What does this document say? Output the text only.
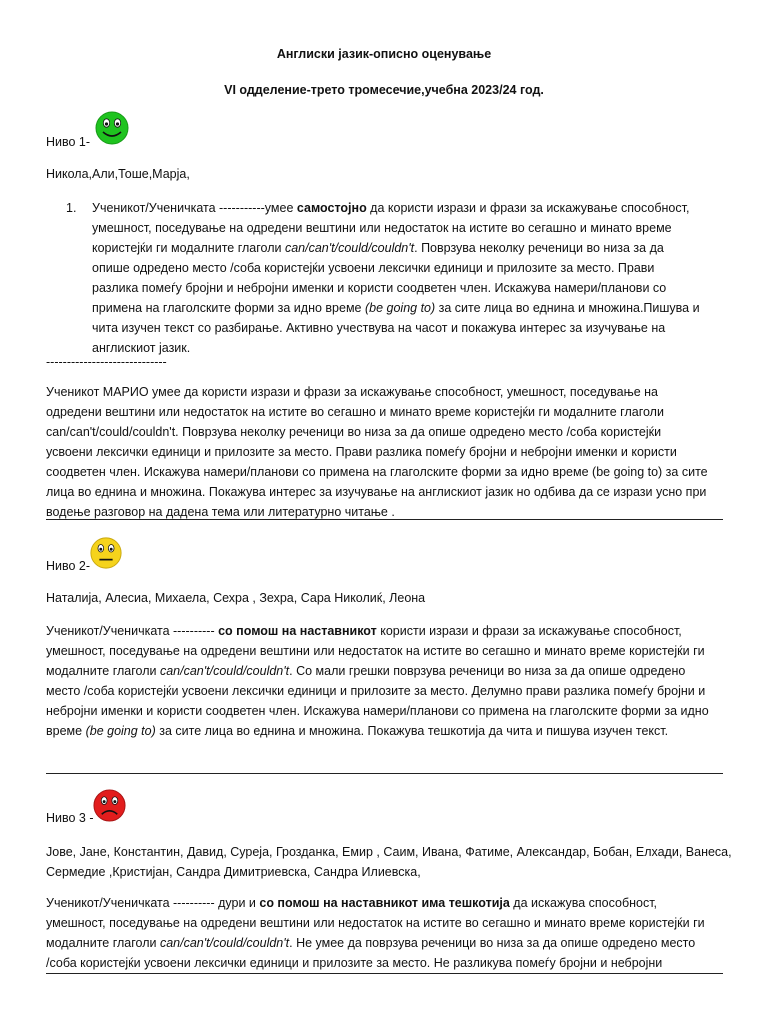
Англиски јазик-описно оценување
VI одделение-трето тромесечие,учебна 2023/24 год.
Ниво 1-
Никола,Али,Тоше,Марја,
1. Ученикот/Ученичката -----------умее самостојно да користи изрази и фрази за искажување способност,
умешност, поседување на одредени вештини или недостаток на истите во сегашно и минато време
користејќи ги модалните глаголи can/can't/could/couldn't. Поврзува неколку реченици во низа за да
опише одредено место /соба користејќи усвоени лексички единици и прилозите за место. Прави
разлика помеѓу бројни и небројни именки и користи соодветен член. Искажува намери/планови со
примена на глаголските форми за идно време (be going to) за сите лица во еднина и множина.Пишува и
чита изучен текст со разбирање. Активно учествува на часот и покажува интерес за изучување на
англискиот јазик.
-----------------------------
Ученикот МАРИО умее да користи изрази и фрази за искажување способност, умешност, поседување на
одредени вештини или недостаток на истите во сегашно и минато време користејќи ги модалните глаголи
can/can't/could/couldn't. Поврзува неколку реченици во низа за да опише одредено место /соба користејќи
усвоени лексички единици и прилозите за место. Прави разлика помеѓу бројни и небројни именки и користи
соодветен член. Искажува намери/планови со примена на глаголските форми за идно време (be going to) за сите
лица во еднина и множина. Покажува интерес за изучување на англискиот јазик но одбива да се изрази усно при
водење разговор на дадена тема или литературно читање .
Ниво 2-
Наталија, Алесиа, Михаела, Сехра , Зехра, Сара Николиќ, Леона
Ученикот/Ученичката ---------- со помош на наставникот користи изрази и фрази за искажување способност,
умешност, поседување на одредени вештини или недостаток на истите во сегашно и минато време користејќи ги
модалните глаголи can/can't/could/couldn't. Со мали грешки поврзува реченици во низа за да опише одредено
место /соба користејќи усвоени лексички единици и прилозите за место. Делумно прави разлика помеѓу бројни и
небројни именки и користи соодветен член. Искажува намери/планови со примена на глаголските форми за идно
време (be going to) за сите лица во еднина и множина. Покажува тешкотија да чита и пишува изучен текст.
Ниво 3 -
Јове, Јане, Константин, Давид, Суреја, Грозданка, Емир , Саим, Ивана, Фатиме, Александар, Бобан, Елхади, Ванеса,
Сермедие ,Кристијан, Сандра Димитриевска, Сандра Илиевска,
Ученикот/Ученичката ---------- дури и со помош на наставникот има тешкотија да искажува способност,
умешност, поседување на одредени вештини или недостаток на истите во сегашно и минато време користејќи ги
модалните глаголи can/can't/could/couldn't. Не умее да поврзува реченици во низа за да опише одредено место
/соба користејќи усвоени лексички единици и прилозите за место. Не разликува помеѓу бројни и небројни
